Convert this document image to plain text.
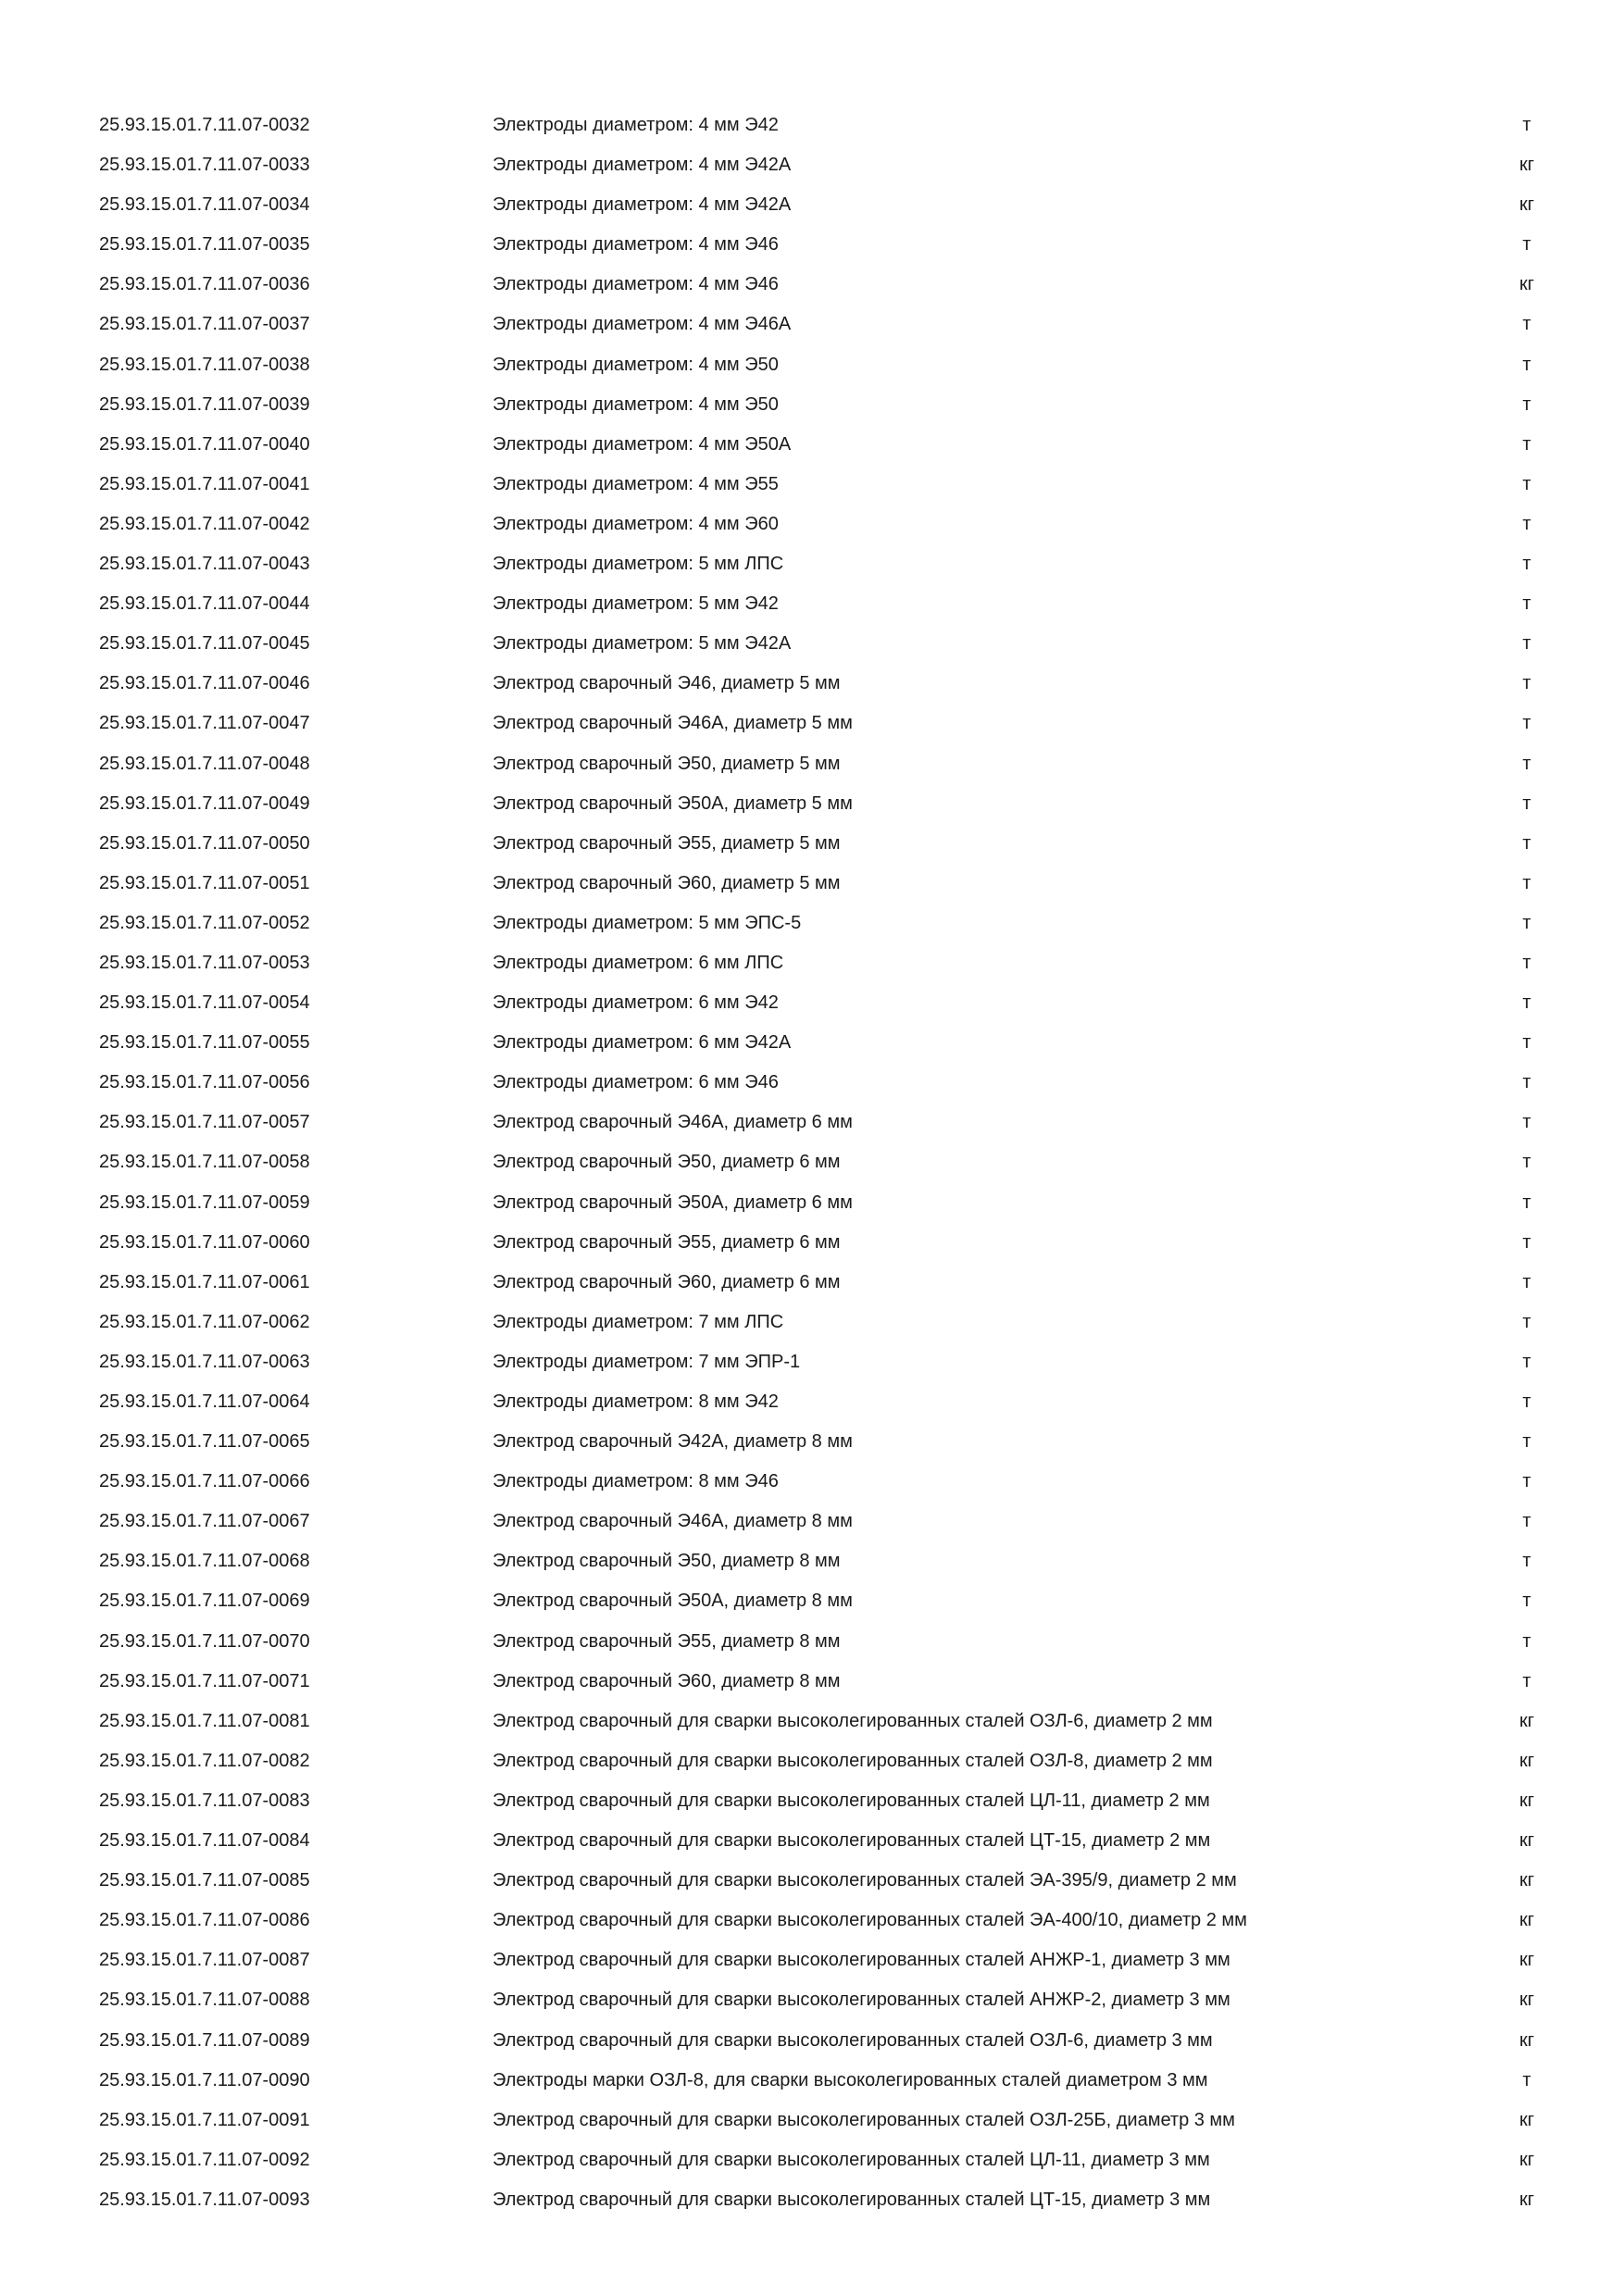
25.93.15.01.7.11.07-0032	Электроды диаметром: 4 мм Э42	т
25.93.15.01.7.11.07-0033	Электроды диаметром: 4 мм Э42А	кг
25.93.15.01.7.11.07-0034	Электроды диаметром: 4 мм Э42А	кг
25.93.15.01.7.11.07-0035	Электроды диаметром: 4 мм Э46	т
25.93.15.01.7.11.07-0036	Электроды диаметром: 4 мм Э46	кг
25.93.15.01.7.11.07-0037	Электроды диаметром: 4 мм Э46А	т
25.93.15.01.7.11.07-0038	Электроды диаметром: 4 мм Э50	т
25.93.15.01.7.11.07-0039	Электроды диаметром: 4 мм Э50	т
25.93.15.01.7.11.07-0040	Электроды диаметром: 4 мм Э50А	т
25.93.15.01.7.11.07-0041	Электроды диаметром: 4 мм Э55	т
25.93.15.01.7.11.07-0042	Электроды диаметром: 4 мм Э60	т
25.93.15.01.7.11.07-0043	Электроды диаметром: 5 мм ЛПС	т
25.93.15.01.7.11.07-0044	Электроды диаметром: 5 мм Э42	т
25.93.15.01.7.11.07-0045	Электроды диаметром: 5 мм Э42А	т
25.93.15.01.7.11.07-0046	Электрод сварочный Э46, диаметр 5 мм	т
25.93.15.01.7.11.07-0047	Электрод сварочный Э46А, диаметр 5 мм	т
25.93.15.01.7.11.07-0048	Электрод сварочный Э50, диаметр 5 мм	т
25.93.15.01.7.11.07-0049	Электрод сварочный Э50А, диаметр 5 мм	т
25.93.15.01.7.11.07-0050	Электрод сварочный Э55, диаметр 5 мм	т
25.93.15.01.7.11.07-0051	Электрод сварочный Э60, диаметр 5 мм	т
25.93.15.01.7.11.07-0052	Электроды диаметром: 5 мм ЭПС-5	т
25.93.15.01.7.11.07-0053	Электроды диаметром: 6 мм ЛПС	т
25.93.15.01.7.11.07-0054	Электроды диаметром: 6 мм Э42	т
25.93.15.01.7.11.07-0055	Электроды диаметром: 6 мм Э42А	т
25.93.15.01.7.11.07-0056	Электроды диаметром: 6 мм Э46	т
25.93.15.01.7.11.07-0057	Электрод сварочный Э46А, диаметр 6 мм	т
25.93.15.01.7.11.07-0058	Электрод сварочный Э50, диаметр 6 мм	т
25.93.15.01.7.11.07-0059	Электрод сварочный Э50А, диаметр 6 мм	т
25.93.15.01.7.11.07-0060	Электрод сварочный Э55, диаметр 6 мм	т
25.93.15.01.7.11.07-0061	Электрод сварочный Э60, диаметр 6 мм	т
25.93.15.01.7.11.07-0062	Электроды диаметром: 7 мм ЛПС	т
25.93.15.01.7.11.07-0063	Электроды диаметром: 7 мм ЭПР-1	т
25.93.15.01.7.11.07-0064	Электроды диаметром: 8 мм Э42	т
25.93.15.01.7.11.07-0065	Электрод сварочный Э42А, диаметр 8 мм	т
25.93.15.01.7.11.07-0066	Электроды диаметром: 8 мм Э46	т
25.93.15.01.7.11.07-0067	Электрод сварочный Э46А, диаметр 8 мм	т
25.93.15.01.7.11.07-0068	Электрод сварочный Э50, диаметр 8 мм	т
25.93.15.01.7.11.07-0069	Электрод сварочный Э50А, диаметр 8 мм	т
25.93.15.01.7.11.07-0070	Электрод сварочный Э55, диаметр 8 мм	т
25.93.15.01.7.11.07-0071	Электрод сварочный Э60, диаметр 8 мм	т
25.93.15.01.7.11.07-0081	Электрод сварочный для сварки высоколегированных сталей ОЗЛ-6, диаметр 2 мм	кг
25.93.15.01.7.11.07-0082	Электрод сварочный для сварки высоколегированных сталей ОЗЛ-8, диаметр 2 мм	кг
25.93.15.01.7.11.07-0083	Электрод сварочный для сварки высоколегированных сталей ЦЛ-11, диаметр 2 мм	кг
25.93.15.01.7.11.07-0084	Электрод сварочный для сварки высоколегированных сталей ЦТ-15, диаметр 2 мм	кг
25.93.15.01.7.11.07-0085	Электрод сварочный для сварки высоколегированных сталей ЭА-395/9, диаметр 2 мм	кг
25.93.15.01.7.11.07-0086	Электрод сварочный для сварки высоколегированных сталей ЭА-400/10, диаметр 2 мм	кг
25.93.15.01.7.11.07-0087	Электрод сварочный для сварки высоколегированных сталей АНЖР-1, диаметр 3 мм	кг
25.93.15.01.7.11.07-0088	Электрод сварочный для сварки высоколегированных сталей АНЖР-2, диаметр 3 мм	кг
25.93.15.01.7.11.07-0089	Электрод сварочный для сварки высоколегированных сталей ОЗЛ-6, диаметр 3 мм	кг
25.93.15.01.7.11.07-0090	Электроды марки ОЗЛ-8, для сварки высоколегированных сталей диаметром 3 мм	т
25.93.15.01.7.11.07-0091	Электрод сварочный для сварки высоколегированных сталей ОЗЛ-25Б, диаметр 3 мм	кг
25.93.15.01.7.11.07-0092	Электрод сварочный для сварки высоколегированных сталей ЦЛ-11, диаметр 3 мм	кг
25.93.15.01.7.11.07-0093	Электрод сварочный для сварки высоколегированных сталей ЦТ-15, диаметр 3 мм	кг
